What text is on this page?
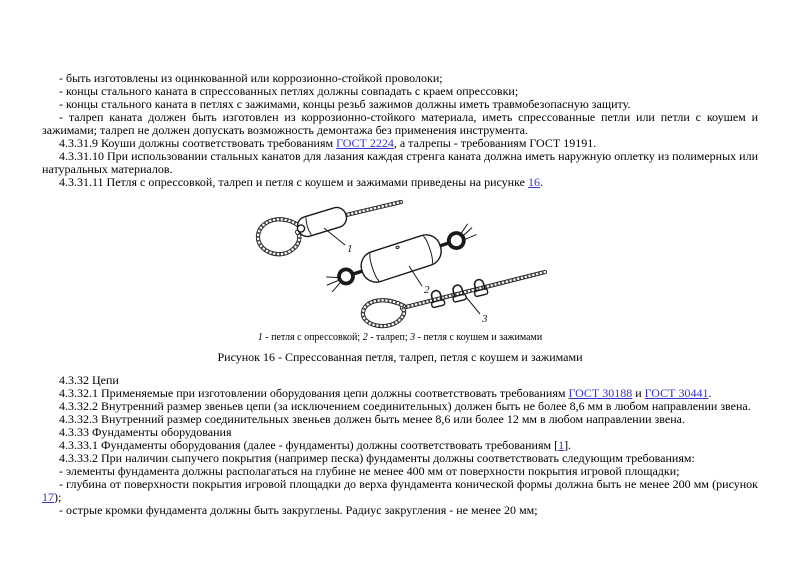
- быть изготовлены из оцинкованной или коррозионно-стойкой проволоки;

- концы стального каната в спрессованных петлях должны совпадать с краем опрессовки;

- концы стального каната в петлях с зажимами, концы резьб зажимов должны иметь травмобезопасную защиту.

- талреп каната должен быть изготовлен из коррозионно-стойкого материала, иметь спрессованные петли или петли с коушем и зажимами; талреп не должен допускать возможность демонтажа без применения инструмента.

4.3.31.9 Коуши должны соответствовать требованиям ГОСТ 2224, а талрепы - требованиям ГОСТ 19191.

4.3.31.10 При использовании стальных канатов для лазания каждая стренга каната должна иметь наружную оплетку из полимерных или натуральных материалов.

4.3.31.11 Петля с опрессовкой, талреп и петля с коушем и зажимами приведены на рисунке 16.

1
2
3

1 - петля с опрессовкой; 2 - талреп; 3 - петля с коушем и зажимами

Рисунок 16 - Спрессованная петля, талреп, петля с коушем и зажимами

4.3.32 Цепи

4.3.32.1 Применяемые при изготовлении оборудования цепи должны соответствовать требованиям ГОСТ 30188 и ГОСТ 30441.

4.3.32.2 Внутренний размер звеньев цепи (за исключением соединительных) должен быть не более 8,6 мм в любом направлении звена.

4.3.32.3 Внутренний размер соединительных звеньев должен быть менее 8,6 или более 12 мм в любом направлении звена.

4.3.33 Фундаменты оборудования

4.3.33.1 Фундаменты оборудования (далее - фундаменты) должны соответствовать требованиям [1].

4.3.33.2 При наличии сыпучего покрытия (например песка) фундаменты должны соответствовать следующим требованиям:

- элементы фундамента должны располагаться на глубине не менее 400 мм от поверхности покрытия игровой площадки;

- глубина от поверхности покрытия игровой площадки до верха фундамента конической формы должна быть не менее 200 мм (рисунок 17);

- острые кромки фундамента должны быть закруглены. Радиус закругления - не менее 20 мм;
